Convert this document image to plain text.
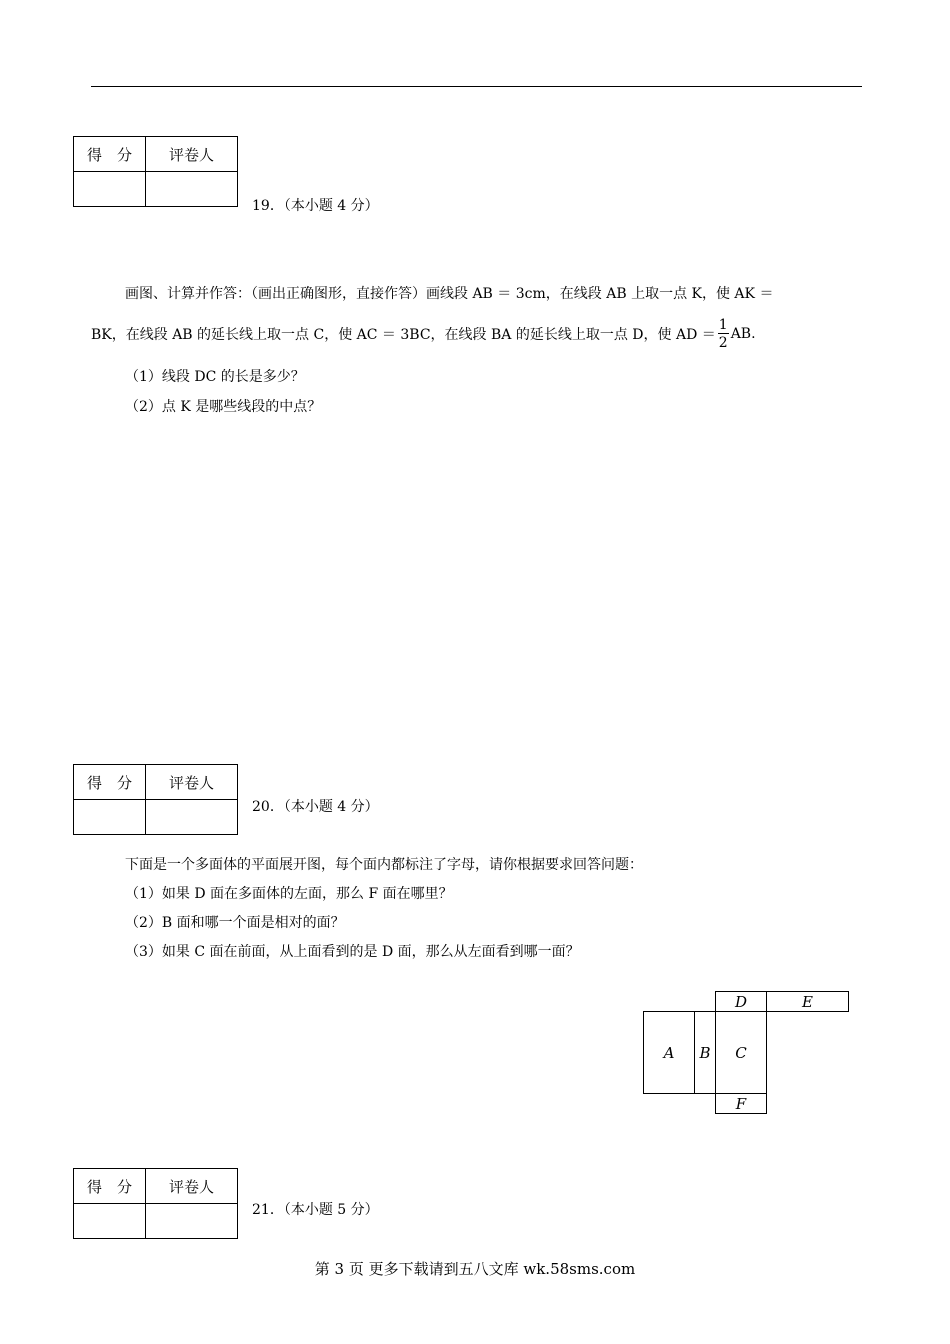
得　分	评卷人

19．（本小题 4 分）
画图、计算并作答：（画出正确图形，直接作答）画线段 AB ＝ 3cm，在线段 AB 上取一点 K，使 AK ＝
BK，在线段 AB 的延长线上取一点 C，使 AC ＝ 3BC，在线段 BA 的延长线上取一点 D，使 AD ＝ $\frac{1}{2}$ AB.
（1）线段 DC 的长是多少？
（2）点 K 是哪些线段的中点？
得　分	评卷人

20．（本小题 4 分）
下面是一个多面体的平面展开图，每个面内都标注了字母，请你根据要求回答问题：
（1）如果 D 面在多面体的左面，那么 F 面在哪里？
（2）B 面和哪一个面是相对的面？
（3）如果 C 面在前面，从上面看到的是 D 面，那么从左面看到哪一面？
A	B	C
D	E
F
得　分	评卷人

21．（本小题 5 分）
第 3 页 更多下载请到五八文库 wk.58sms.com
